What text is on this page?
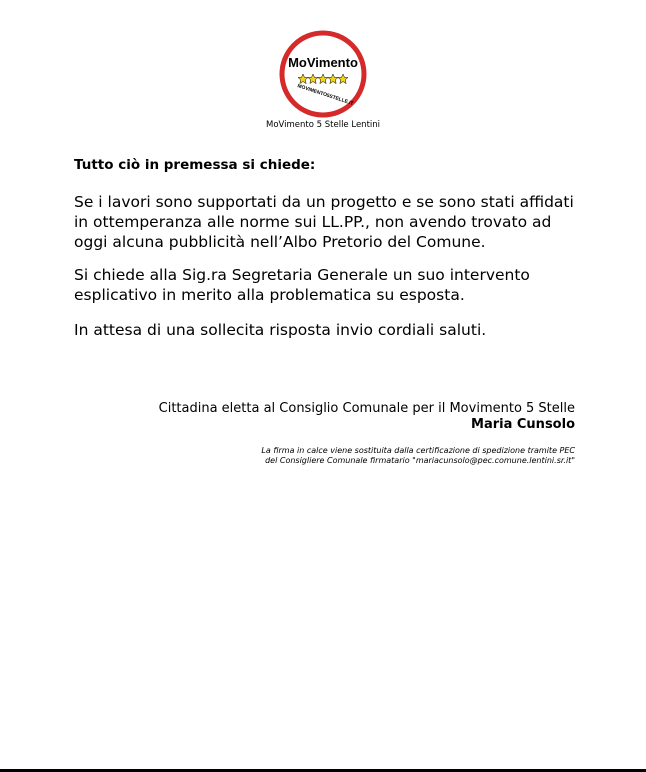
MoVimento
MOVIMENTO5STELLE.IT
MoVimento 5 Stelle Lentini
Tutto ciò in premessa si chiede:

Se i lavori sono supportati da un progetto e se sono stati affidati
in ottemperanza alle norme sui LL.PP., non avendo trovato ad
oggi alcuna pubblicità nell’Albo Pretorio del Comune.

Si chiede alla Sig.ra Segretaria Generale un suo intervento
esplicativo in merito alla problematica su esposta.

In attesa di una sollecita risposta invio cordiali saluti.

Cittadina eletta al Consiglio Comunale per il Movimento 5 Stelle
Maria Cunsolo
La firma in calce viene sostituita dalla certificazione di spedizione tramite PEC
del Consigliere Comunale firmatario "mariacunsolo@pec.comune.lentini.sr.it"
